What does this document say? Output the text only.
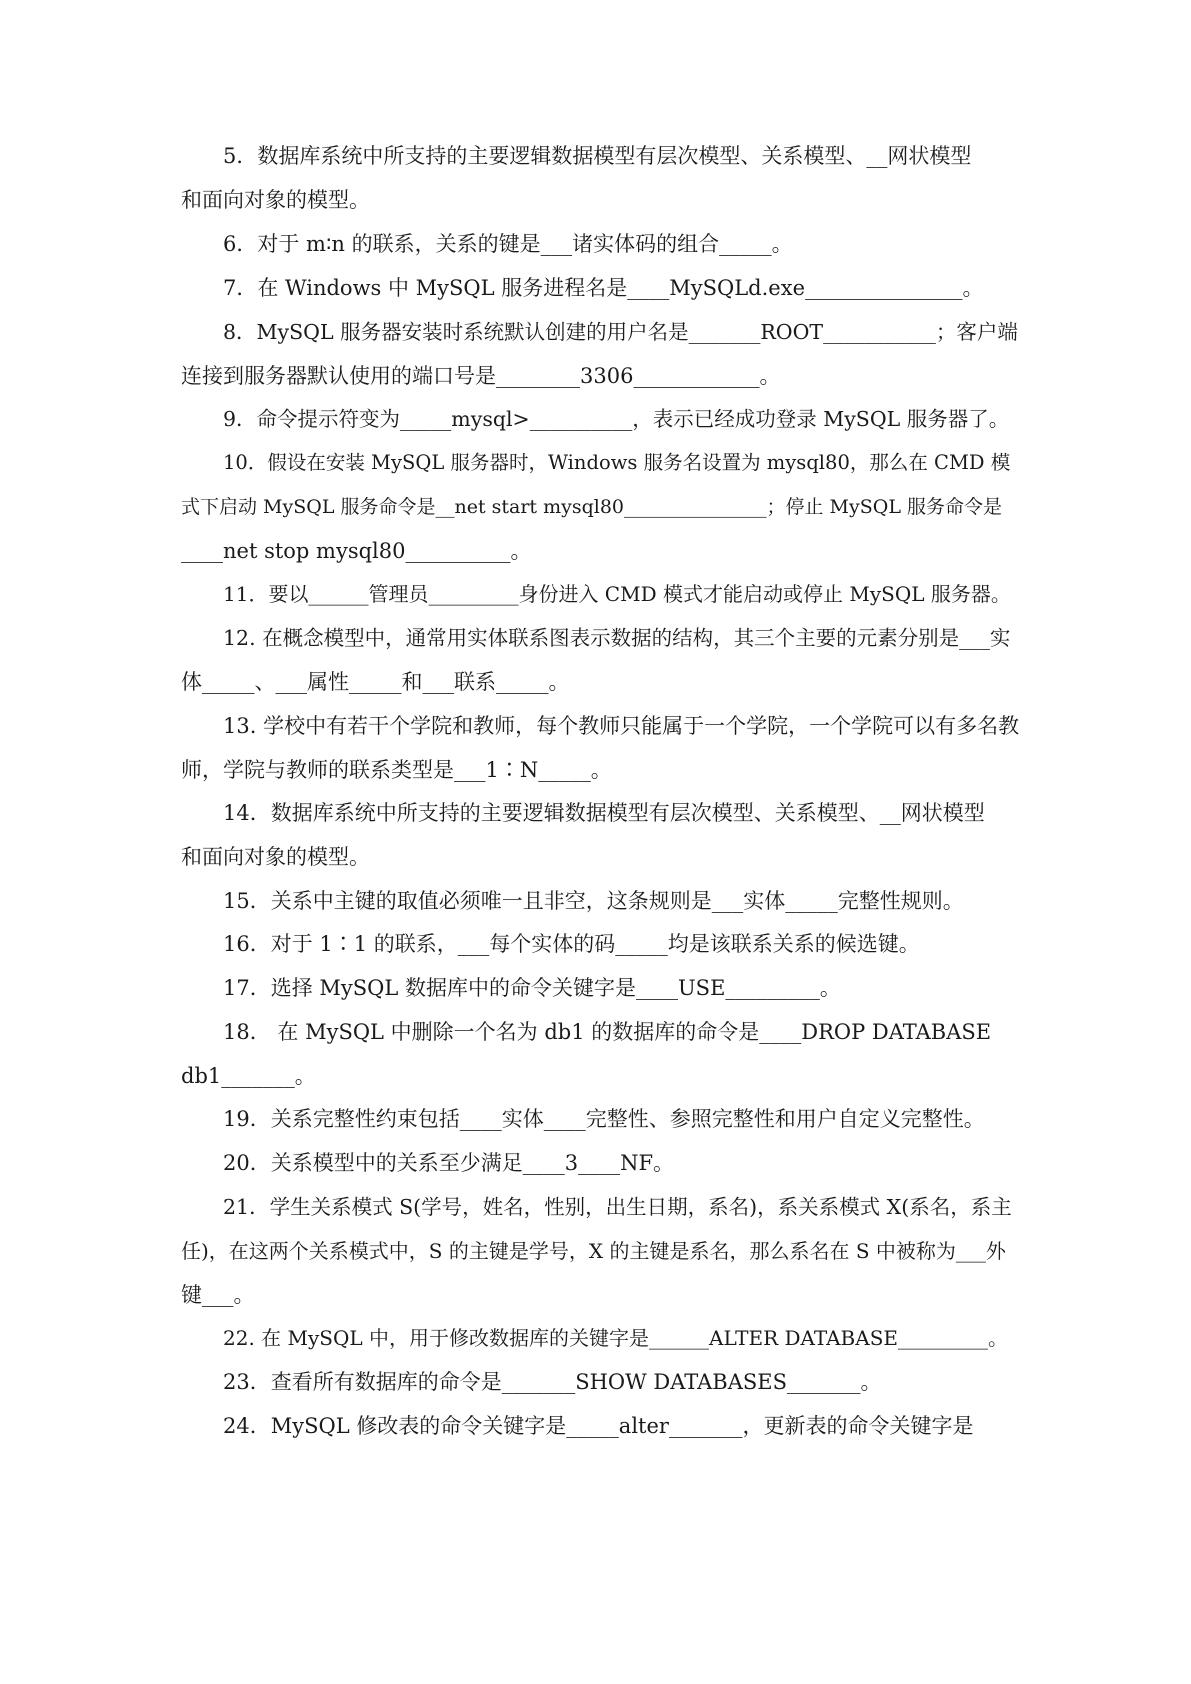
5．数据库系统中所支持的主要逻辑数据模型有层次模型、关系模型、__网状模型
和面向对象的模型。
6．对于 m∶n 的联系，关系的键是___诸实体码的组合_____。
7．在 Windows 中 MySQL 服务进程名是____MySQLd.exe_______________。
8．MySQL 服务器安装时系统默认创建的用户名是_______ROOT___________；客户端
连接到服务器默认使用的端口号是________3306____________。
9．命令提示符变为_____mysql>__________，表示已经成功登录 MySQL 服务器了。
10．假设在安装 MySQL 服务器时，Windows 服务名设置为 mysql80，那么在 CMD 模
式下启动 MySQL 服务命令是__net start mysql80_______________；停止 MySQL 服务命令是
____net stop mysql80__________。
11．要以______管理员_________身份进入 CMD 模式才能启动或停止 MySQL 服务器。
12. 在概念模型中，通常用实体联系图表示数据的结构，其三个主要的元素分别是___实
体_____、___属性_____和___联系_____。
13. 学校中有若干个学院和教师，每个教师只能属于一个学院，一个学院可以有多名教
师，学院与教师的联系类型是___1∶N_____。
14．数据库系统中所支持的主要逻辑数据模型有层次模型、关系模型、__网状模型
和面向对象的模型。
15．关系中主键的取值必须唯一且非空，这条规则是___实体_____完整性规则。
16．对于 1∶1 的联系，___每个实体的码_____均是该联系关系的候选键。
17．选择 MySQL 数据库中的命令关键字是____USE_________。
18． 在 MySQL 中删除一个名为 db1 的数据库的命令是____DROP DATABASE
db1_______。
19．关系完整性约束包括____实体____完整性、参照完整性和用户自定义完整性。
20．关系模型中的关系至少满足____3____NF。
21．学生关系模式 S(学号，姓名，性别，出生日期，系名)，系关系模式 X(系名，系主
任)，在这两个关系模式中，S 的主键是学号，X 的主键是系名，那么系名在 S 中被称为___外
键___。
22. 在 MySQL 中，用于修改数据库的关键字是______ALTER DATABASE_________。
23．查看所有数据库的命令是_______SHOW DATABASES_______。
24．MySQL 修改表的命令关键字是_____alter_______，更新表的命令关键字是
